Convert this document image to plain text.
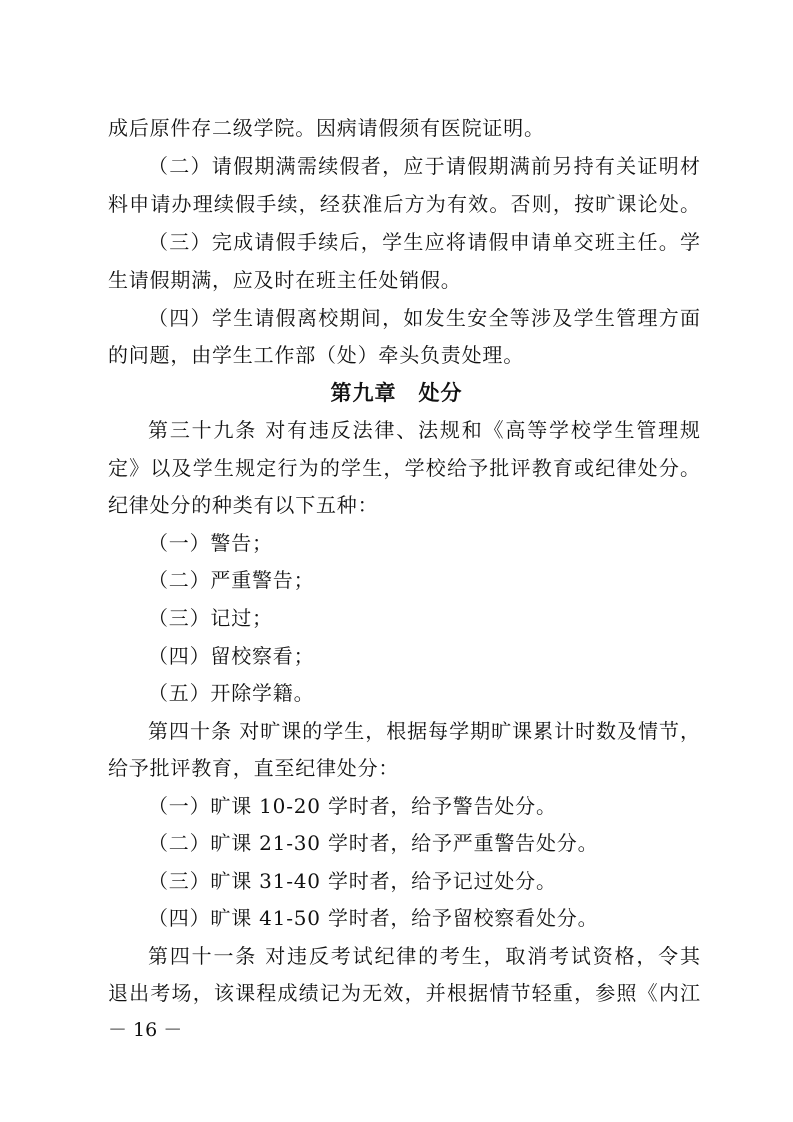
成后原件存二级学院。因病请假须有医院证明。
（二）请假期满需续假者，应于请假期满前另持有关证明材
料申请办理续假手续，经获准后方为有效。否则，按旷课论处。
（三）完成请假手续后，学生应将请假申请单交班主任。学
生请假期满，应及时在班主任处销假。
（四）学生请假离校期间，如发生安全等涉及学生管理方面
的问题，由学生工作部（处）牵头负责处理。
第九章　处分
第三十九条 对有违反法律、法规和《高等学校学生管理规
定》以及学生规定行为的学生，学校给予批评教育或纪律处分。
纪律处分的种类有以下五种：
（一）警告；
（二）严重警告；
（三）记过；
（四）留校察看；
（五）开除学籍。
第四十条 对旷课的学生，根据每学期旷课累计时数及情节，
给予批评教育，直至纪律处分：
（一）旷课 10-20 学时者，给予警告处分。
（二）旷课 21-30 学时者，给予严重警告处分。
（三）旷课 31-40 学时者，给予记过处分。
（四）旷课 41-50 学时者，给予留校察看处分。
第四十一条 对违反考试纪律的考生，取消考试资格，令其
退出考场，该课程成绩记为无效，并根据情节轻重，参照《内江
－ 16 －
